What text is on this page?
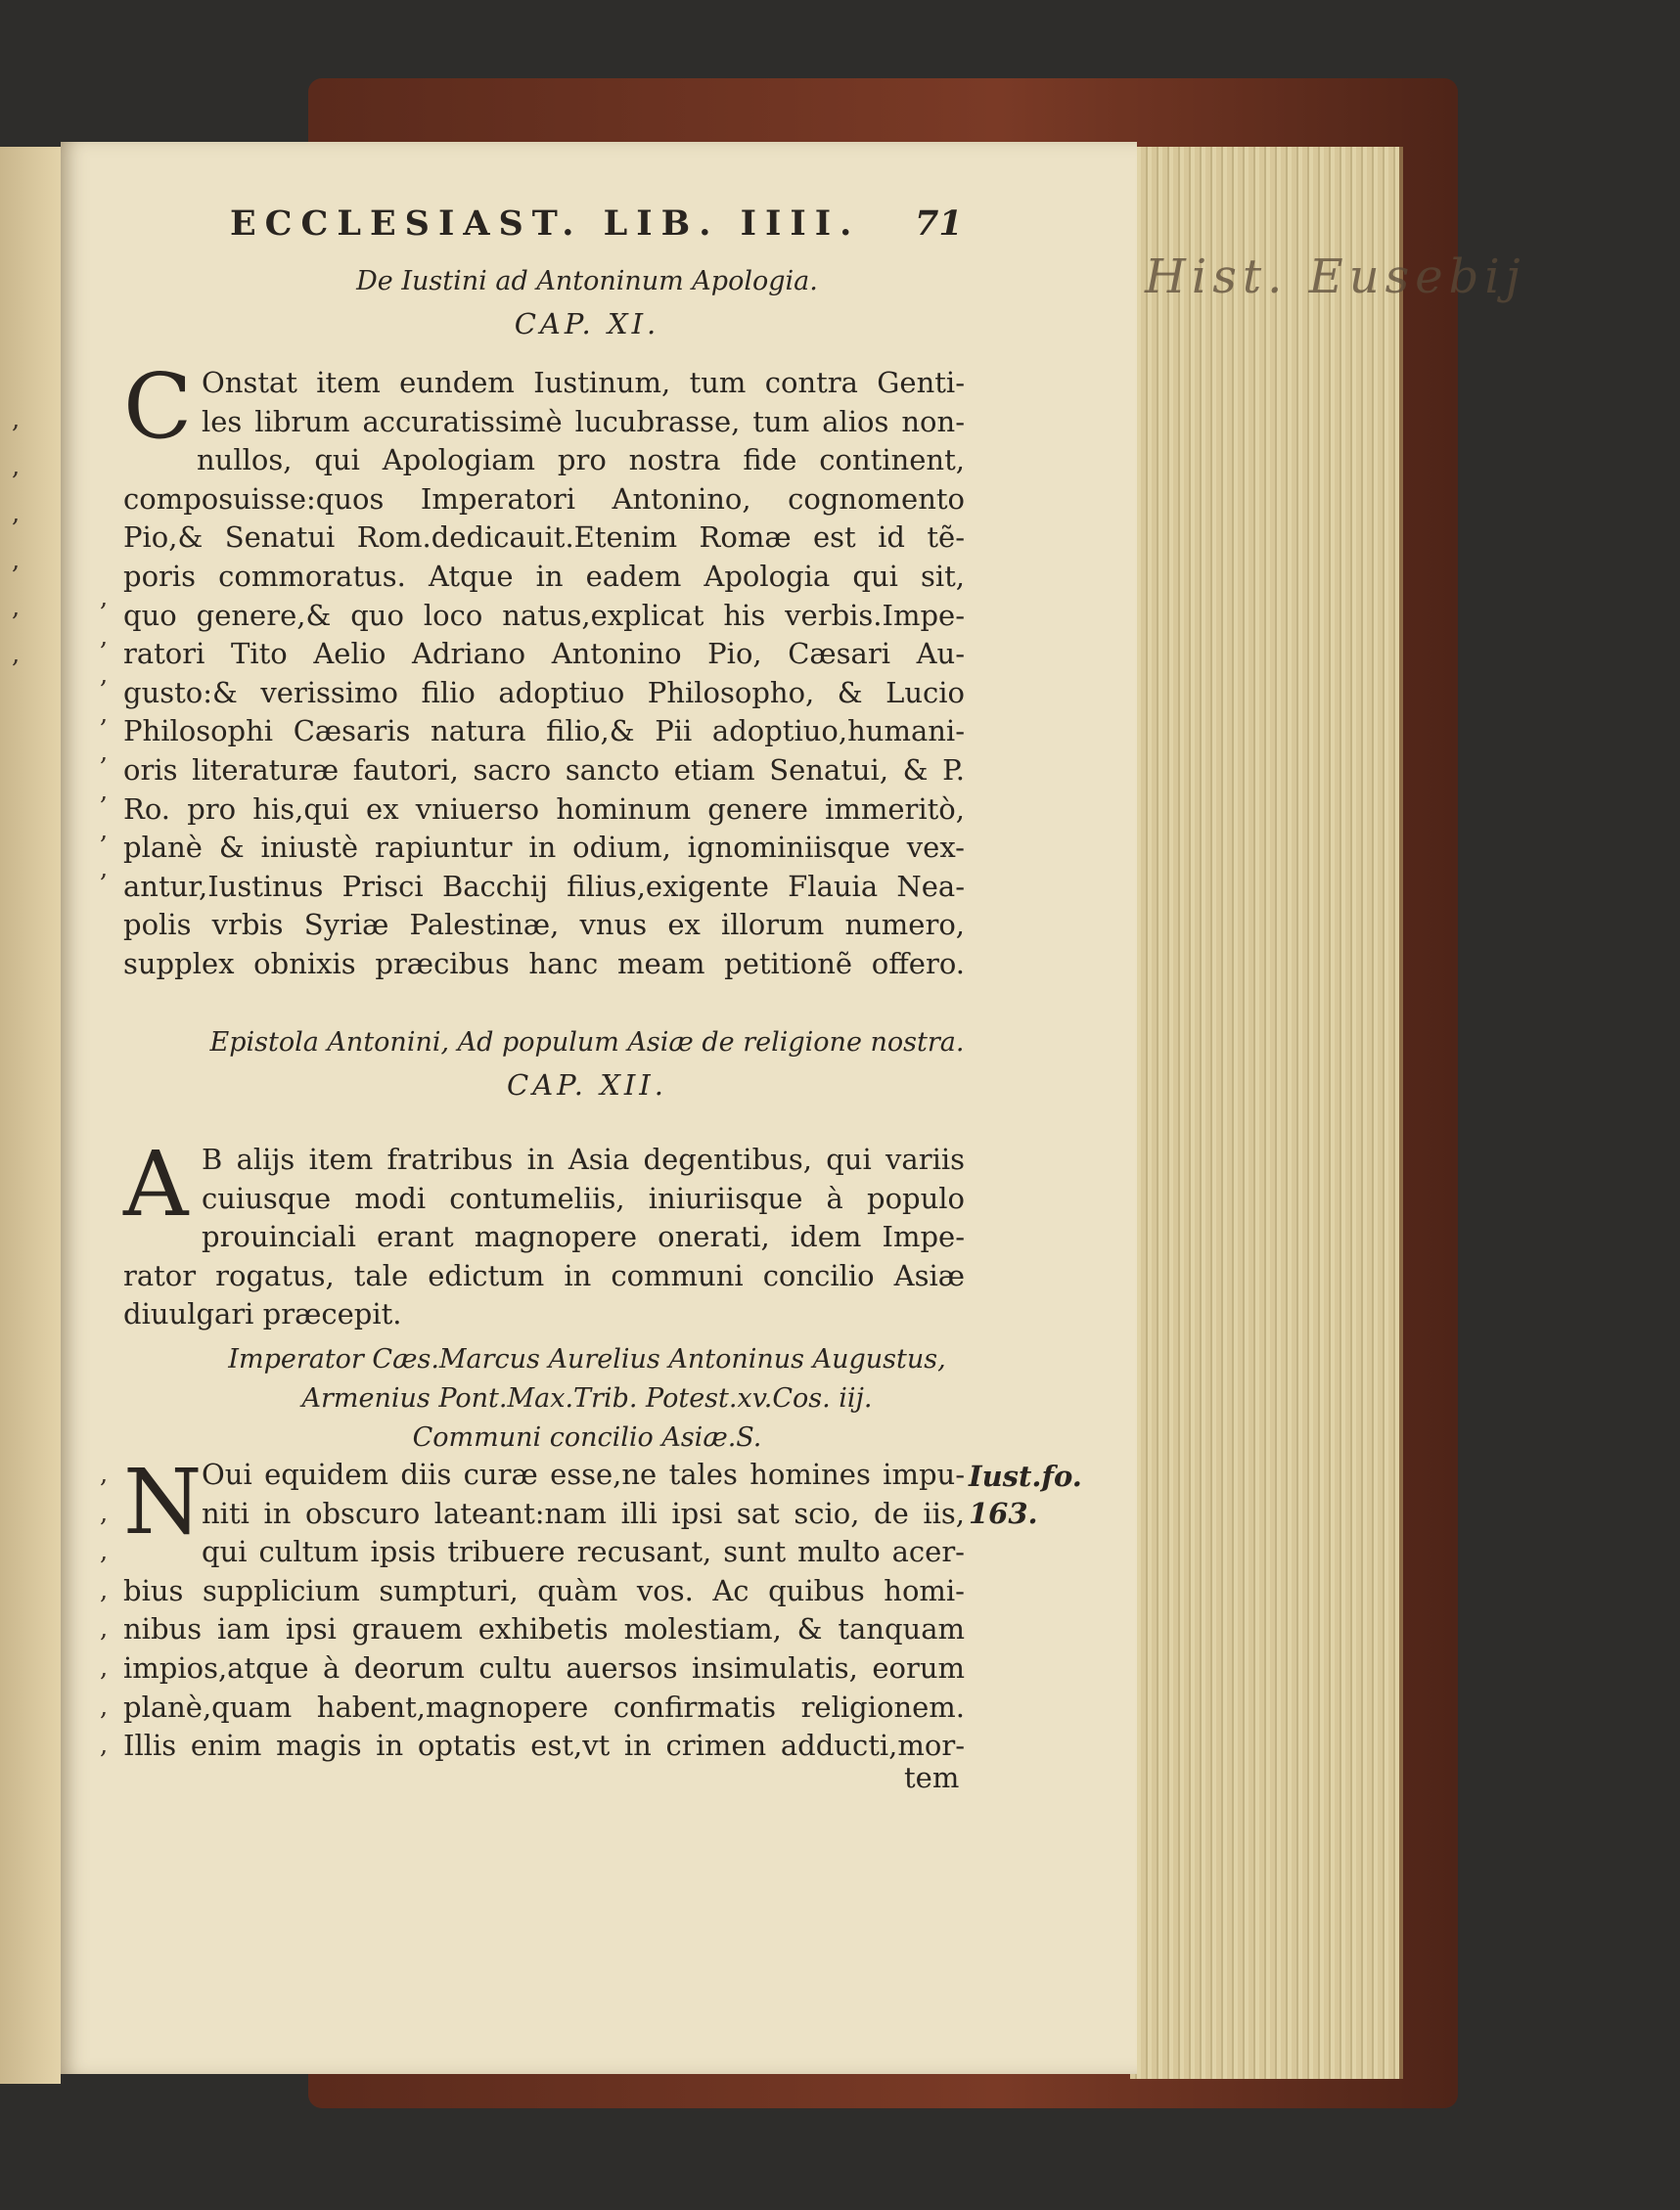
Hist. Eusebij
,
,
,
,
,
,
ECCLESIAST. LIB. IIII. 71
De Iustini ad Antoninum Apologia.
CAP. XI.
C Onstat item eundem Iustinum, tum contra Genti-
les librum accuratissimè lucubrasse, tum alios non-
nullos, qui Apologiam pro nostra fide continent,
composuisse:quos Imperatori Antonino, cognomento
Pio,& Senatui Rom.dedicauit.Etenim Romæ est id tẽ-
poris commoratus. Atque in eadem Apologia qui sit,
quo genere,& quo loco natus,explicat his verbis.Impe-
ratori Tito Aelio Adriano Antonino Pio, Cæsari Au-
gusto:& verissimo filio adoptiuo Philosopho, & Lucio
Philosophi Cæsaris natura filio,& Pii adoptiuo,humani-
oris literaturæ fautori, sacro sancto etiam Senatui, & P.
Ro. pro his,qui ex vniuerso hominum genere immeritò,
planè & iniustè rapiuntur in odium, ignominiisque vex-
antur,Iustinus Prisci Bacchij filius,exigente Flauia Nea-
polis vrbis Syriæ Palestinæ, vnus ex illorum numero,
supplex obnixis præcibus hanc meam petitionẽ offero.
,
,
,
,
,
,
,
,
Epistola Antonini, Ad populum Asiæ de religione nostra.
CAP. XII.
A B alijs item fratribus in Asia degentibus, qui variis
cuiusque modi contumeliis, iniuriisque à populo
prouinciali erant magnopere onerati, idem Impe-
rator rogatus, tale edictum in communi concilio Asiæ
diuulgari præcepit.
Imperator Cæs.Marcus Aurelius Antoninus Augustus,
Armenius Pont.Max.Trib. Potest.xv.Cos. iij.
Communi concilio Asiæ.S.
N Oui equidem diis curæ esse,ne tales homines impu-
niti in obscuro lateant:nam illi ipsi sat scio, de iis,
qui cultum ipsis tribuere recusant, sunt multo acer-
bius supplicium sumpturi, quàm vos. Ac quibus homi-
nibus iam ipsi grauem exhibetis molestiam, & tanquam
impios,atque à deorum cultu auersos insimulatis, eorum
planè,quam habent,magnopere confirmatis religionem.
Illis enim magis in optatis est,vt in crimen adducti,mor-
tem
,
,
,
,
,
,
,
,
Iust.fo.
163.
